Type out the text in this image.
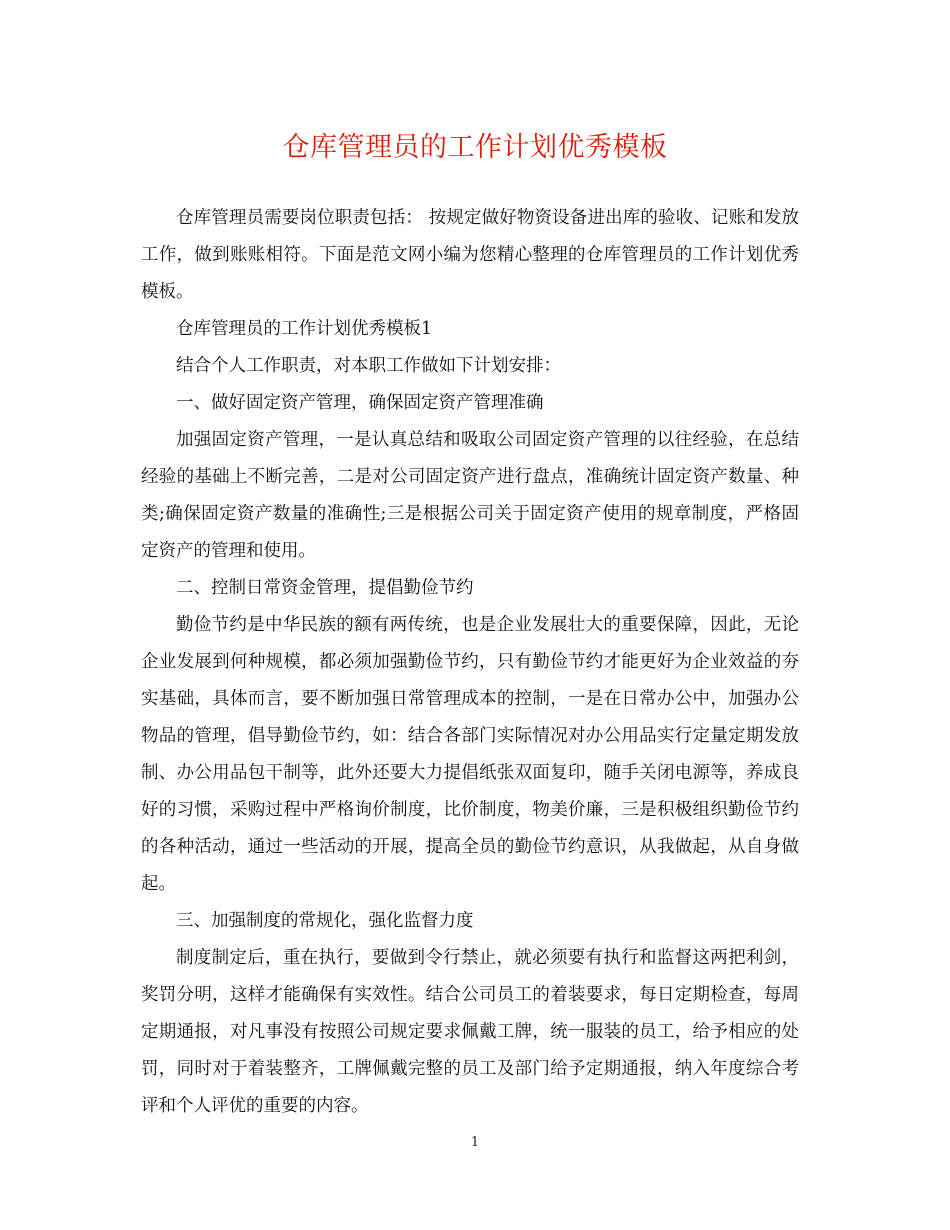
仓库管理员的工作计划优秀模板

仓库管理员需要岗位职责包括： 按规定做好物资设备进出库的验收、记账和发放工作，做到账账相符。下面是范文网小编为您精心整理的仓库管理员的工作计划优秀模板。

仓库管理员的工作计划优秀模板1

结合个人工作职责，对本职工作做如下计划安排：

一、做好固定资产管理，确保固定资产管理准确

加强固定资产管理，一是认真总结和吸取公司固定资产管理的以往经验，在总结经验的基础上不断完善，二是对公司固定资产进行盘点，准确统计固定资产数量、种类;确保固定资产数量的准确性;三是根据公司关于固定资产使用的规章制度，严格固定资产的管理和使用。

二、控制日常资金管理，提倡勤俭节约

勤俭节约是中华民族的额有两传统，也是企业发展壮大的重要保障，因此，无论企业发展到何种规模，都必须加强勤俭节约，只有勤俭节约才能更好为企业效益的夯实基础，具体而言，要不断加强日常管理成本的控制，一是在日常办公中，加强办公物品的管理，倡导勤俭节约，如：结合各部门实际情况对办公用品实行定量定期发放制、办公用品包干制等，此外还要大力提倡纸张双面复印，随手关闭电源等，养成良好的习惯，采购过程中严格询价制度，比价制度，物美价廉，三是积极组织勤俭节约的各种活动，通过一些活动的开展，提高全员的勤俭节约意识，从我做起，从自身做起。

三、加强制度的常规化，强化监督力度

制度制定后，重在执行，要做到令行禁止，就必须要有执行和监督这两把利剑，奖罚分明，这样才能确保有实效性。结合公司员工的着装要求，每日定期检查，每周定期通报，对凡事没有按照公司规定要求佩戴工牌，统一服装的员工，给予相应的处罚，同时对于着装整齐，工牌佩戴完整的员工及部门给予定期通报，纳入年度综合考评和个人评优的重要的内容。

1
